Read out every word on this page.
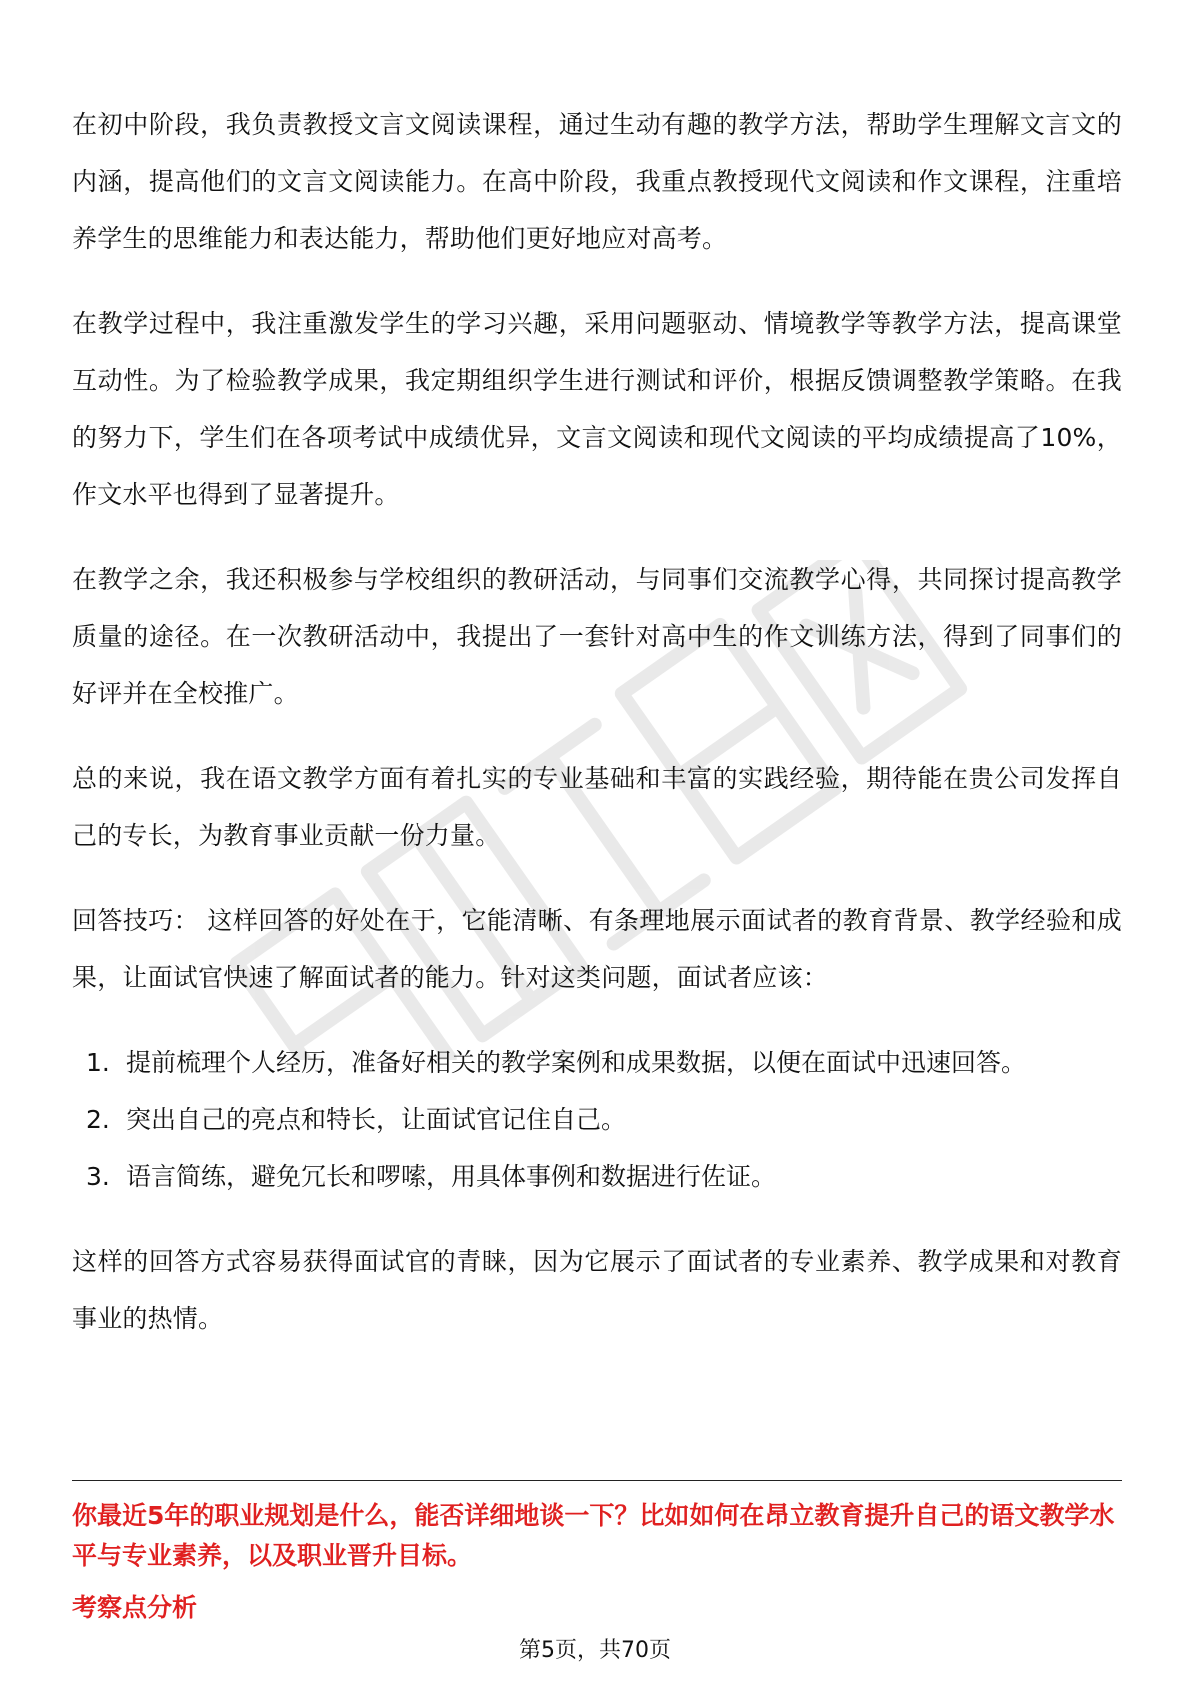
在初中阶段，我负责教授文言文阅读课程，通过生动有趣的教学方法，帮助学生理解文言文的内涵，提高他们的文言文阅读能力。在高中阶段，我重点教授现代文阅读和作文课程，注重培养学生的思维能力和表达能力，帮助他们更好地应对高考。

在教学过程中，我注重激发学生的学习兴趣，采用问题驱动、情境教学等教学方法，提高课堂互动性。为了检验教学成果，我定期组织学生进行测试和评价，根据反馈调整教学策略。在我的努力下，学生们在各项考试中成绩优异，文言文阅读和现代文阅读的平均成绩提高了10%，作文水平也得到了显著提升。

在教学之余，我还积极参与学校组织的教研活动，与同事们交流教学心得，共同探讨提高教学质量的途径。在一次教研活动中，我提出了一套针对高中生的作文训练方法，得到了同事们的好评并在全校推广。

总的来说，我在语文教学方面有着扎实的专业基础和丰富的实践经验，期待能在贵公司发挥自己的专长，为教育事业贡献一份力量。

回答技巧： 这样回答的好处在于，它能清晰、有条理地展示面试者的教育背景、教学经验和成果，让面试官快速了解面试者的能力。针对这类问题，面试者应该：

1. 提前梳理个人经历，准备好相关的教学案例和成果数据，以便在面试中迅速回答。
2. 突出自己的亮点和特长，让面试官记住自己。
3. 语言简练，避免冗长和啰嗦，用具体事例和数据进行佐证。

这样的回答方式容易获得面试官的青睐，因为它展示了面试者的专业素养、教学成果和对教育事业的热情。

你最近5年的职业规划是什么，能否详细地谈一下？比如如何在昂立教育提升自己的语文教学水平与专业素养，以及职业晋升目标。
考察点分析
第5页，共70页
